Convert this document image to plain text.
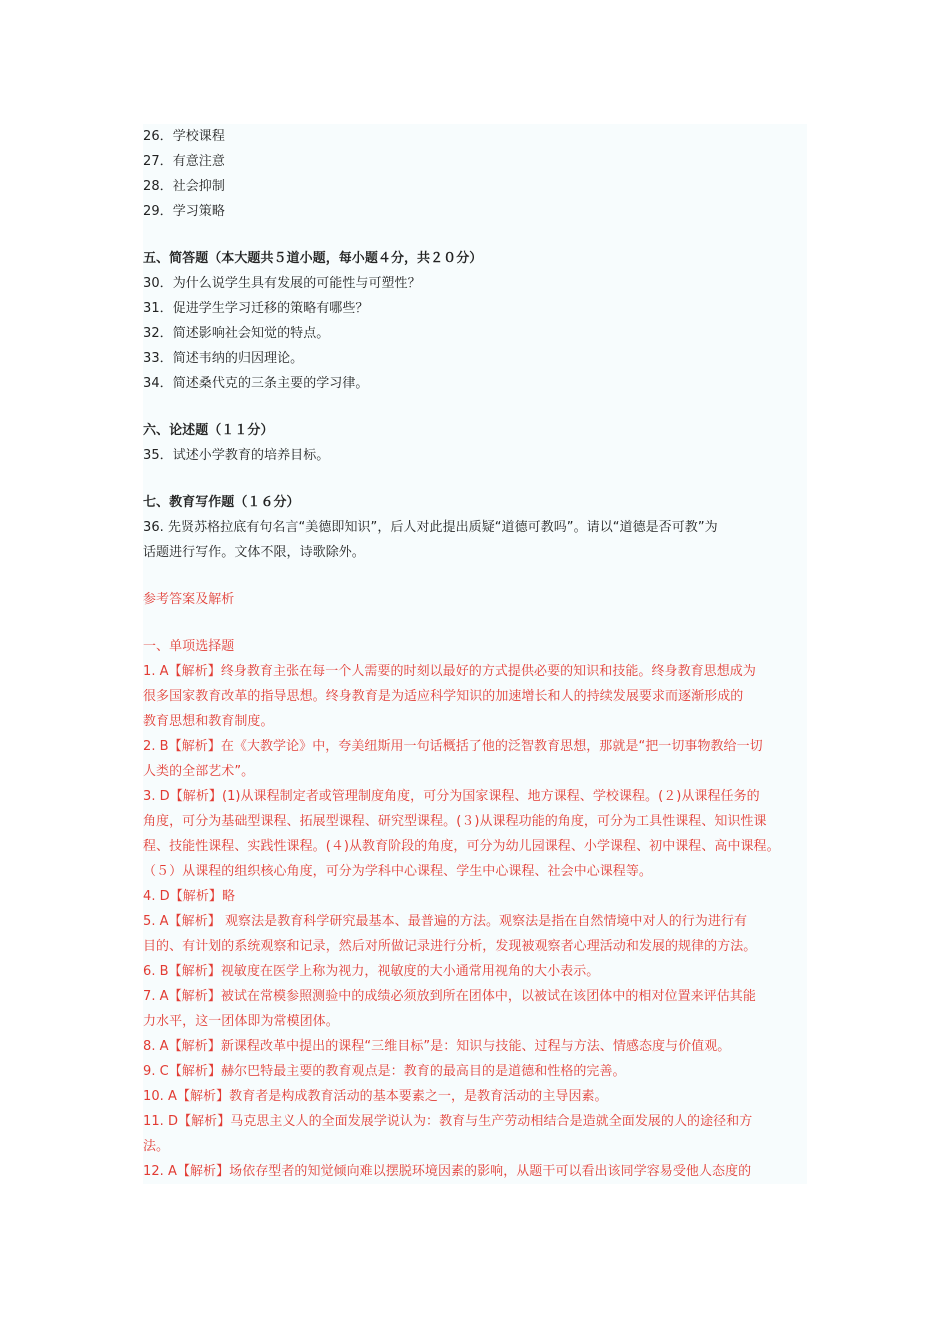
26．学校课程
27．有意注意
28．社会抑制
29．学习策略
五、简答题（本大题共５道小题，每小题４分，共２０分）
30．为什么说学生具有发展的可能性与可塑性？
31．促进学生学习迁移的策略有哪些？
32．简述影响社会知觉的特点。
33．简述韦纳的归因理论。
34．简述桑代克的三条主要的学习律。
六、论述题（１１分）
35．试述小学教育的培养目标。
七、教育写作题（１６分）
36. 先贤苏格拉底有句名言“美德即知识”，后人对此提出质疑“道德可教吗”。请以“道德是否可教”为
话题进行写作。文体不限，诗歌除外。
参考答案及解析
一、单项选择题
1. A【解析】终身教育主张在每一个人需要的时刻以最好的方式提供必要的知识和技能。终身教育思想成为
很多国家教育改革的指导思想。终身教育是为适应科学知识的加速增长和人的持续发展要求而逐渐形成的
教育思想和教育制度。
2. B【解析】在《大教学论》中，夸美纽斯用一句话概括了他的泛智教育思想，那就是“把一切事物教给一切
人类的全部艺术”。
3. D【解析】(1)从课程制定者或管理制度角度，可分为国家课程、地方课程、学校课程。(２)从课程任务的
角度，可分为基础型课程、拓展型课程、研究型课程。(３)从课程功能的角度，可分为工具性课程、知识性课
程、技能性课程、实践性课程。(４)从教育阶段的角度，可分为幼儿园课程、小学课程、初中课程、高中课程。
（５）从课程的组织核心角度，可分为学科中心课程、学生中心课程、社会中心课程等。
4. D【解析】略
5. A【解析】 观察法是教育科学研究最基本、最普遍的方法。观察法是指在自然情境中对人的行为进行有
目的、有计划的系统观察和记录，然后对所做记录进行分析，发现被观察者心理活动和发展的规律的方法。
6. B【解析】视敏度在医学上称为视力，视敏度的大小通常用视角的大小表示。
7. A【解析】被试在常模参照测验中的成绩必须放到所在团体中，以被试在该团体中的相对位置来评估其能
力水平，这一团体即为常模团体。
8. A【解析】新课程改革中提出的课程“三维目标”是：知识与技能、过程与方法、情感态度与价值观。
9. C【解析】赫尔巴特最主要的教育观点是：教育的最高目的是道德和性格的完善。
10. A【解析】教育者是构成教育活动的基本要素之一，是教育活动的主导因素。
11. D【解析】马克思主义人的全面发展学说认为：教育与生产劳动相结合是造就全面发展的人的途径和方
法。
12. A【解析】场依存型者的知觉倾向难以摆脱环境因素的影响，从题干可以看出该同学容易受他人态度的
